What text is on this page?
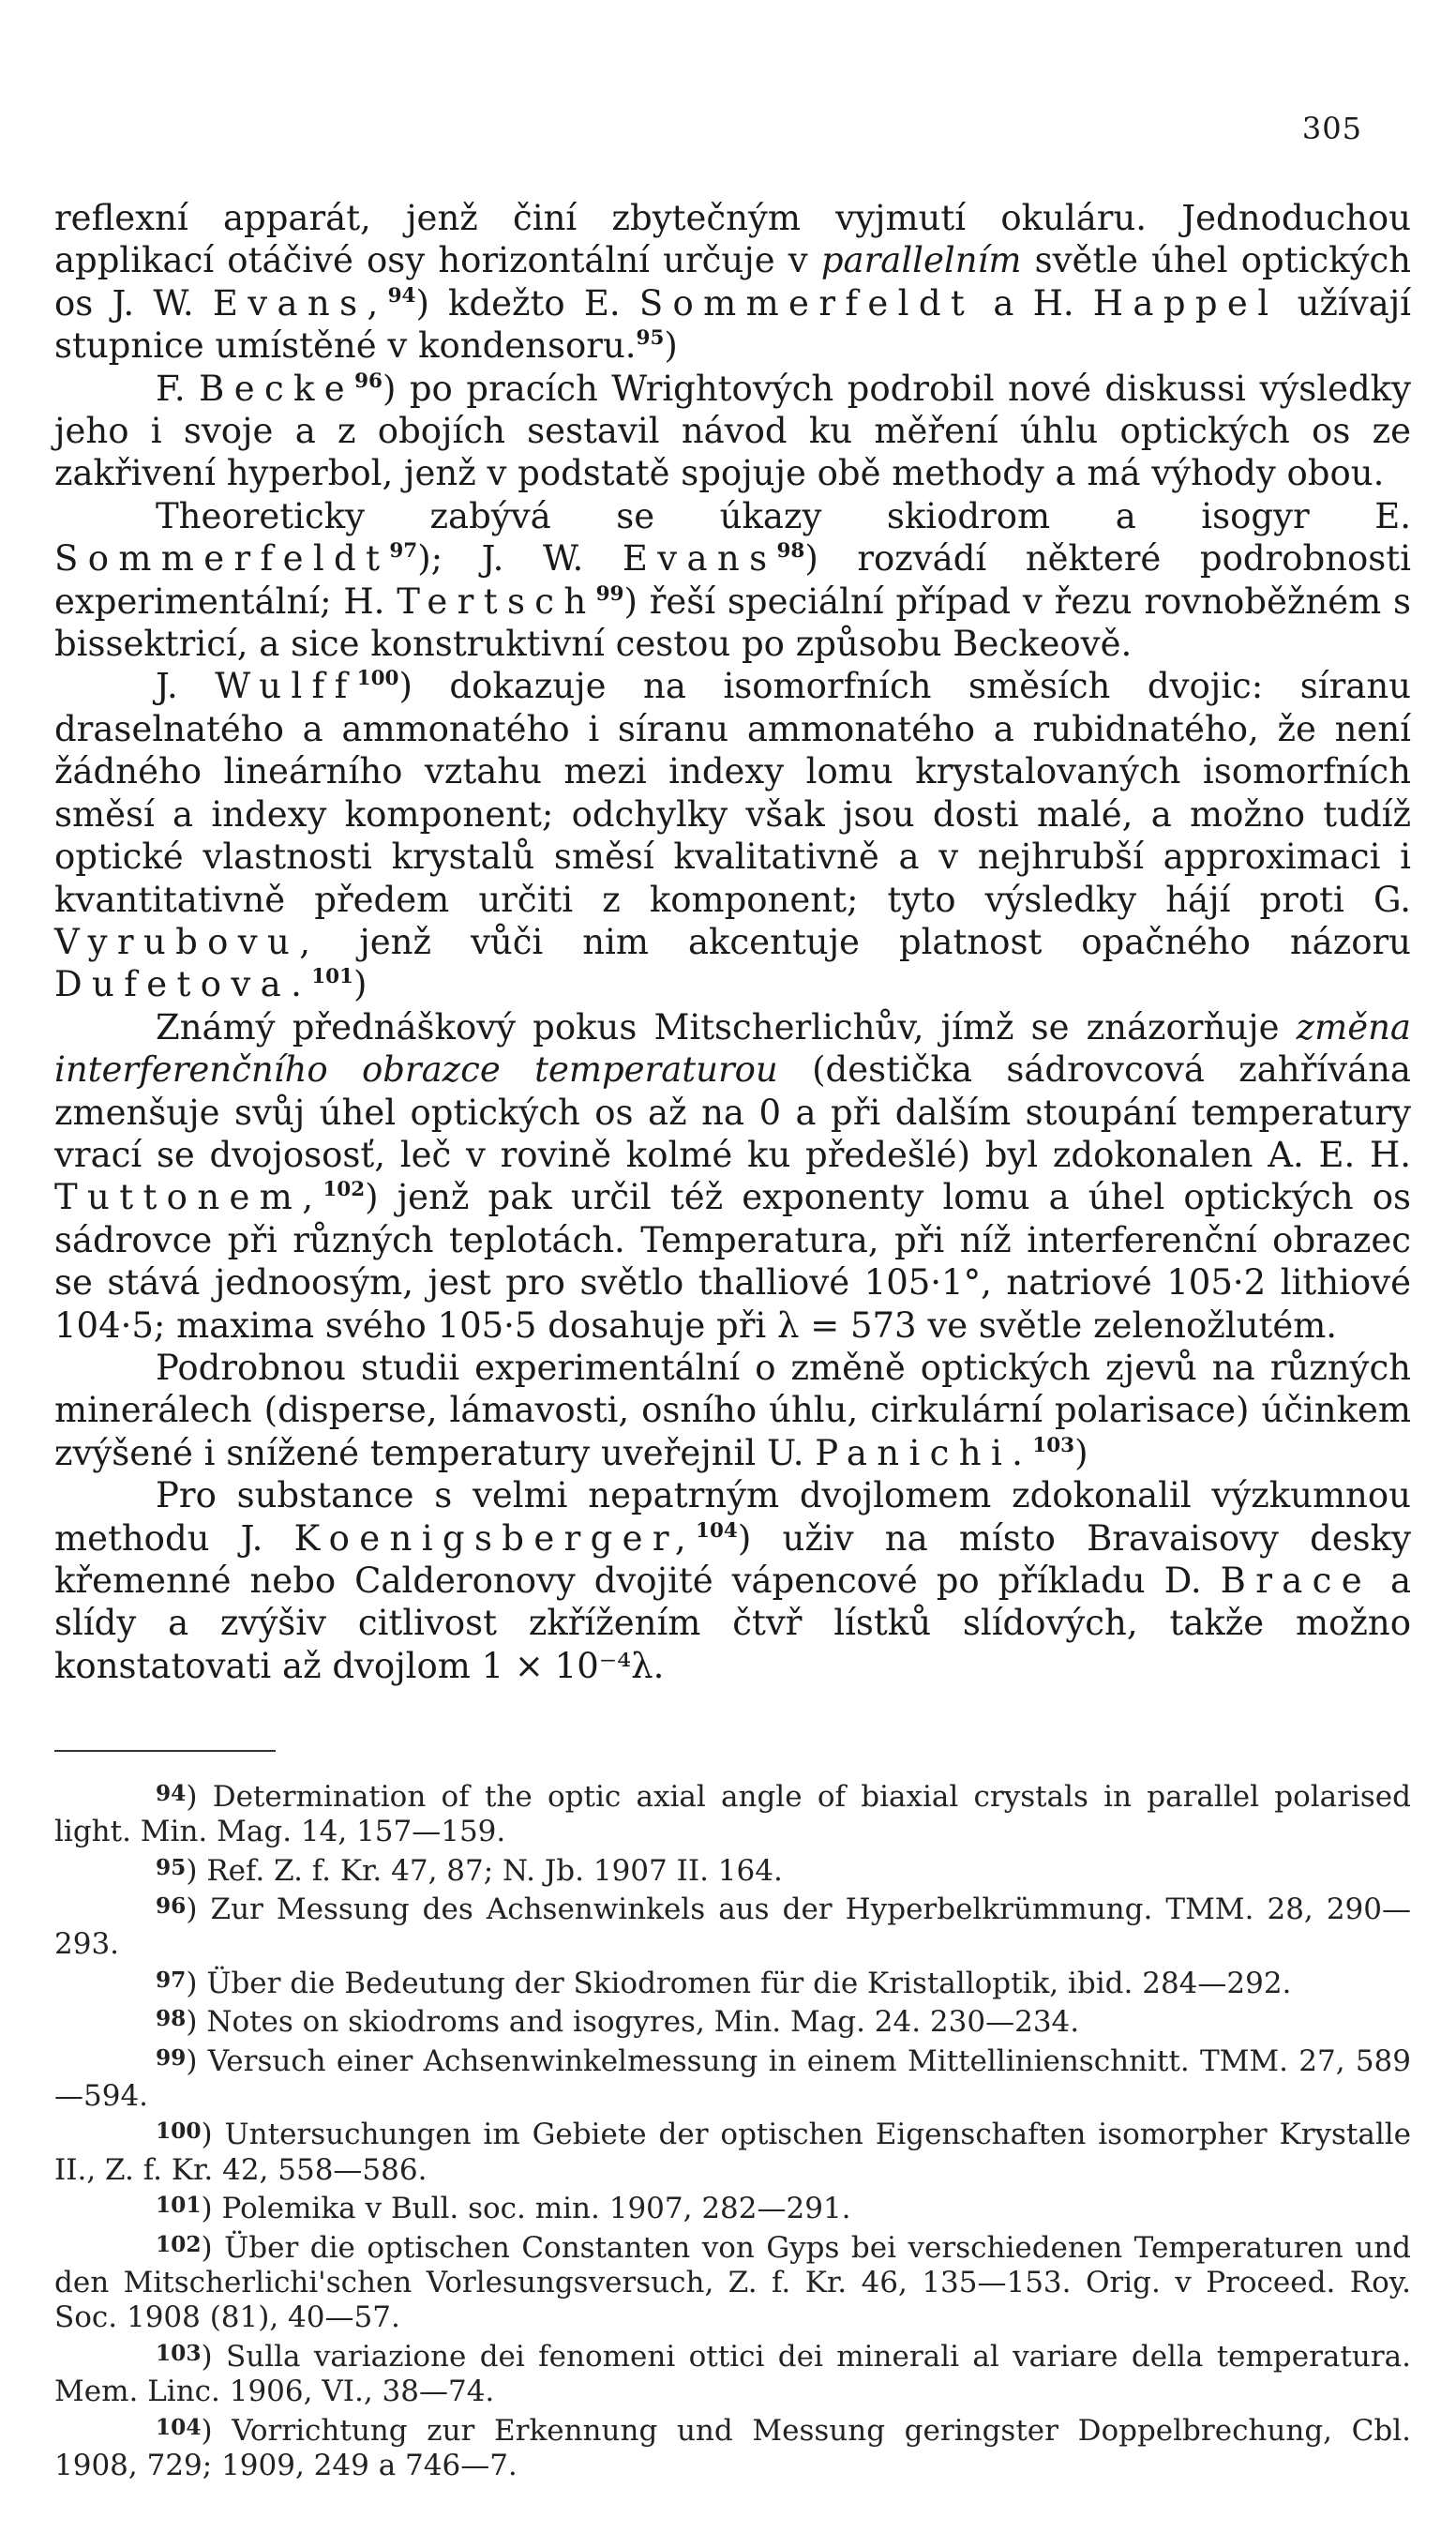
305

reflexní apparát, jenž činí zbytečným vyjmutí okuláru. Jednoduchou applikací otáčivé osy horizontální určuje v parallelním světle úhel optických os J. W. Evans,$^{94}$) kdežto E. Sommerfeldt a H. Happel užívají stupnice umístěné v kondensoru.$^{95}$)

F. Becke$^{96}$) po pracích Wrightových podrobil nové diskussi výsledky jeho i svoje a z obojích sestavil návod ku měření úhlu optických os ze zakřivení hyperbol, jenž v podstatě spojuje obě methody a má výhody obou.

Theoreticky zabývá se úkazy skiodrom a isogyr E. Sommerfeldt$^{97}$); J. W. Evans$^{98}$) rozvádí některé podrobnosti experimentální; H. Tertsch$^{99}$) řeší speciální případ v řezu rovnoběžném s bissektricí, a sice konstruktivní cestou po způsobu Beckeově.

J. Wulff$^{100}$) dokazuje na isomorfních směsích dvojic: síranu draselnatého a ammonatého i síranu ammonatého a rubidnatého, že není žádného lineárního vztahu mezi indexy lomu krystalovaných isomorfních směsí a indexy komponent; odchylky však jsou dosti malé, a možno tudíž optické vlastnosti krystalů směsí kvalitativně a v nejhrubší approximaci i kvantitativně předem určiti z komponent; tyto výsledky hájí proti G. Vyrubovu, jenž vůči nim akcentuje platnost opačného názoru Dufetova.$^{101}$)

Známý přednáškový pokus Mitscherlichův, jímž se znázorňuje změna interferenčního obrazce temperaturou (destička sádrovcová zahřívána zmenšuje svůj úhel optických os až na 0 a při dalším stoupání temperatury vrací se dvojososť, leč v rovině kolmé ku předešlé) byl zdokonalen A. E. H. Tuttonem,$^{102}$) jenž pak určil též exponenty lomu a úhel optických os sádrovce při různých teplotách. Temperatura, při níž interferenční obrazec se stává jednoosým, jest pro světlo thalliové 105·1°, natriové 105·2 lithiové 104·5; maxima svého 105·5 dosahuje při λ = 573 ve světle zelenožlutém.

Podrobnou studii experimentální o změně optických zjevů na různých minerálech (disperse, lámavosti, osního úhlu, cirkulární polarisace) účinkem zvýšené i snížené temperatury uveřejnil U. Panichi.$^{103}$)

Pro substance s velmi nepatrným dvojlomem zdokonalil výzkumnou methodu J. Koenigsberger,$^{104}$) uživ na místo Bravaisovy desky křemenné nebo Calderonovy dvojité vápencové po příkladu D. Brace a slídy a zvýšiv citlivost zkřížením čtvř lístků slídových, takže možno konstatovati až dvojlom 1 × 10⁻⁴λ.

94) Determination of the optic axial angle of biaxial crystals in parallel polarised light. Min. Mag. 14, 157—159.

95) Ref. Z. f. Kr. 47, 87; N. Jb. 1907 II. 164.

96) Zur Messung des Achsenwinkels aus der Hyperbelkrümmung. TMM. 28, 290—293.

97) Über die Bedeutung der Skiodromen für die Kristalloptik, ibid. 284—292.

98) Notes on skiodroms and isogyres, Min. Mag. 24. 230—234.

99) Versuch einer Achsenwinkelmessung in einem Mittellinienschnitt. TMM. 27, 589—594.

100) Untersuchungen im Gebiete der optischen Eigenschaften isomorpher Krystalle II., Z. f. Kr. 42, 558—586.

101) Polemika v Bull. soc. min. 1907, 282—291.

102) Über die optischen Constanten von Gyps bei verschiedenen Temperaturen und den Mitscherlichi'schen Vorlesungsversuch, Z. f. Kr. 46, 135—153. Orig. v Proceed. Roy. Soc. 1908 (81), 40—57.

103) Sulla variazione dei fenomeni ottici dei minerali al variare della temperatura. Mem. Linc. 1906, VI., 38—74.

104) Vorrichtung zur Erkennung und Messung geringster Doppelbrechung, Cbl. 1908, 729; 1909, 249 a 746—7.
